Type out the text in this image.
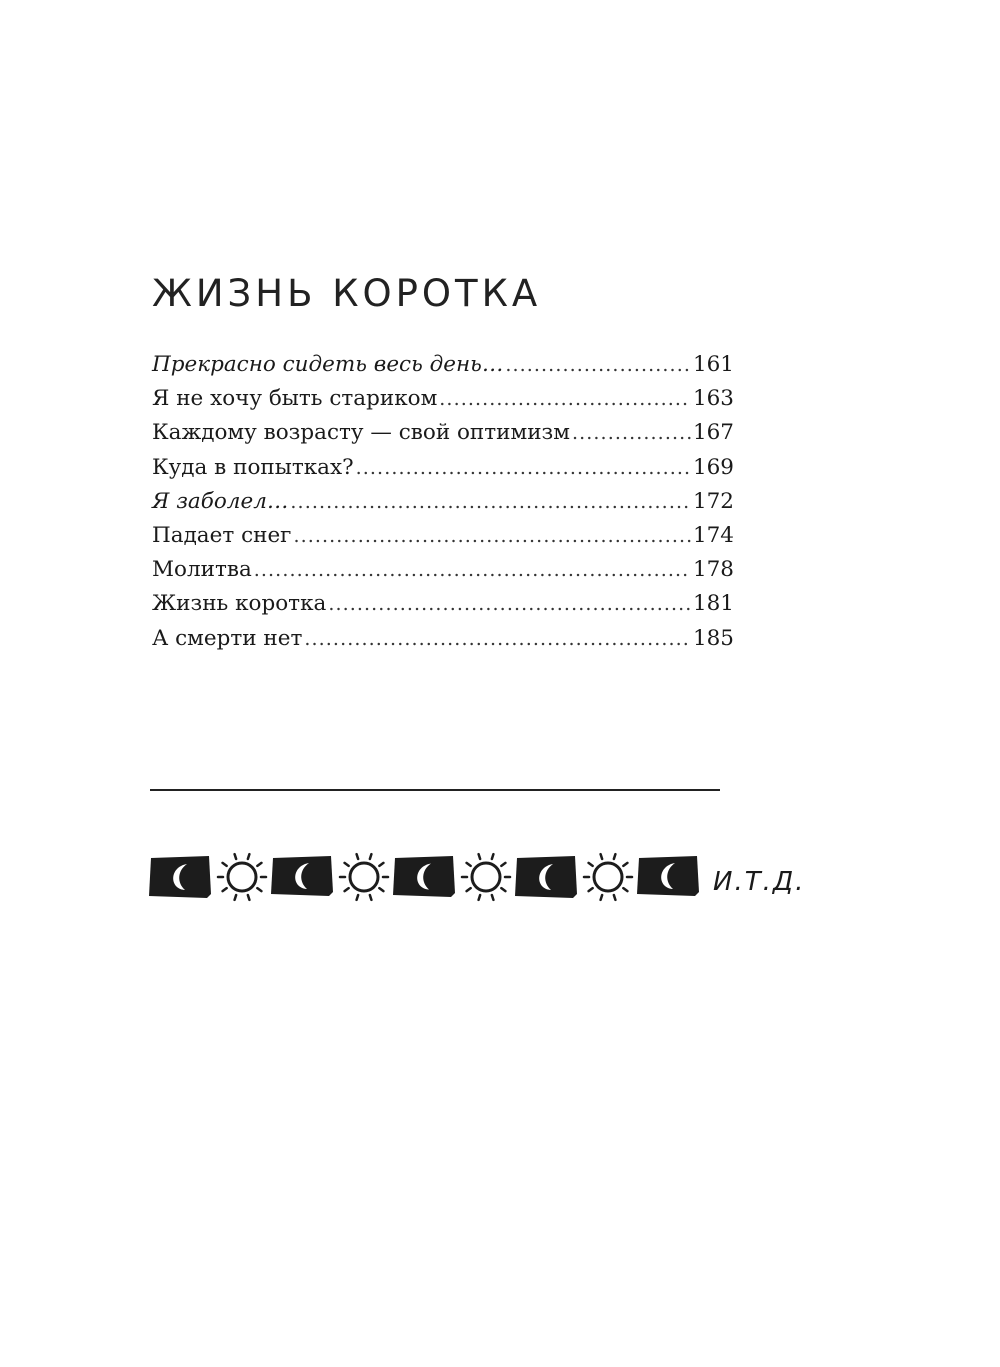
ЖИЗНЬ КОРОТКА
Прекрасно сидеть весь день… .....	161
Я не хочу быть стариком .....	163
Каждому возрасту — свой оптимизм .....	167
Куда в попытках? .....	169
Я заболел… .....	172
Падает снег .....	174
Молитва .....	178
Жизнь коротка .....	181
А смерти нет .....	185
И.Т.Д.
